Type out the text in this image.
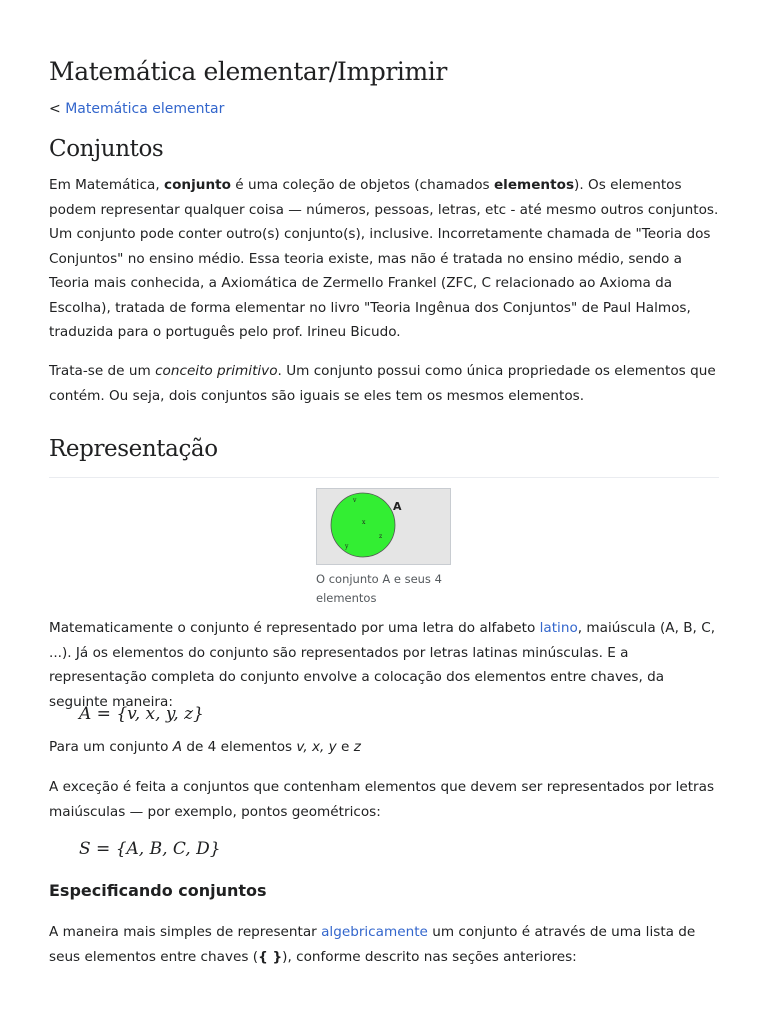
Matemática elementar/Imprimir
< Matemática elementar
Conjuntos

Em Matemática, conjunto é uma coleção de objetos (chamados elementos). Os elementos podem representar qualquer coisa — números, pessoas, letras, etc - até mesmo outros conjuntos. Um conjunto pode conter outro(s) conjunto(s), inclusive. Incorretamente chamada de "Teoria dos Conjuntos" no ensino médio. Essa teoria existe, mas não é tratada no ensino médio, sendo a Teoria mais conhecida, a Axiomática de Zermello Frankel (ZFC, C relacionado ao Axioma da Escolha), tratada de forma elementar no livro "Teoria Ingênua dos Conjuntos" de Paul Halmos, traduzida para o português pelo prof. Irineu Bicudo.

Trata-se de um conceito primitivo. Um conjunto possui como única propriedade os elementos que contém. Ou seja, dois conjuntos são iguais se eles tem os mesmos elementos.

Representação
A
v
x
y
z
O conjunto A e seus 4 elementos

Matematicamente o conjunto é representado por uma letra do alfabeto latino, maiúscula (A, B, C, ...). Já os elementos do conjunto são representados por letras latinas minúsculas. E a representação completa do conjunto envolve a colocação dos elementos entre chaves, da seguinte maneira:

A = {v, x, y, z}

Para um conjunto A de 4 elementos v, x, y e z

A exceção é feita a conjuntos que contenham elementos que devem ser representados por letras maiúsculas — por exemplo, pontos geométricos:

S = {A, B, C, D}
Especificando conjuntos

A maneira mais simples de representar algebricamente um conjunto é através de uma lista de seus elementos entre chaves ({ }), conforme descrito nas seções anteriores:
